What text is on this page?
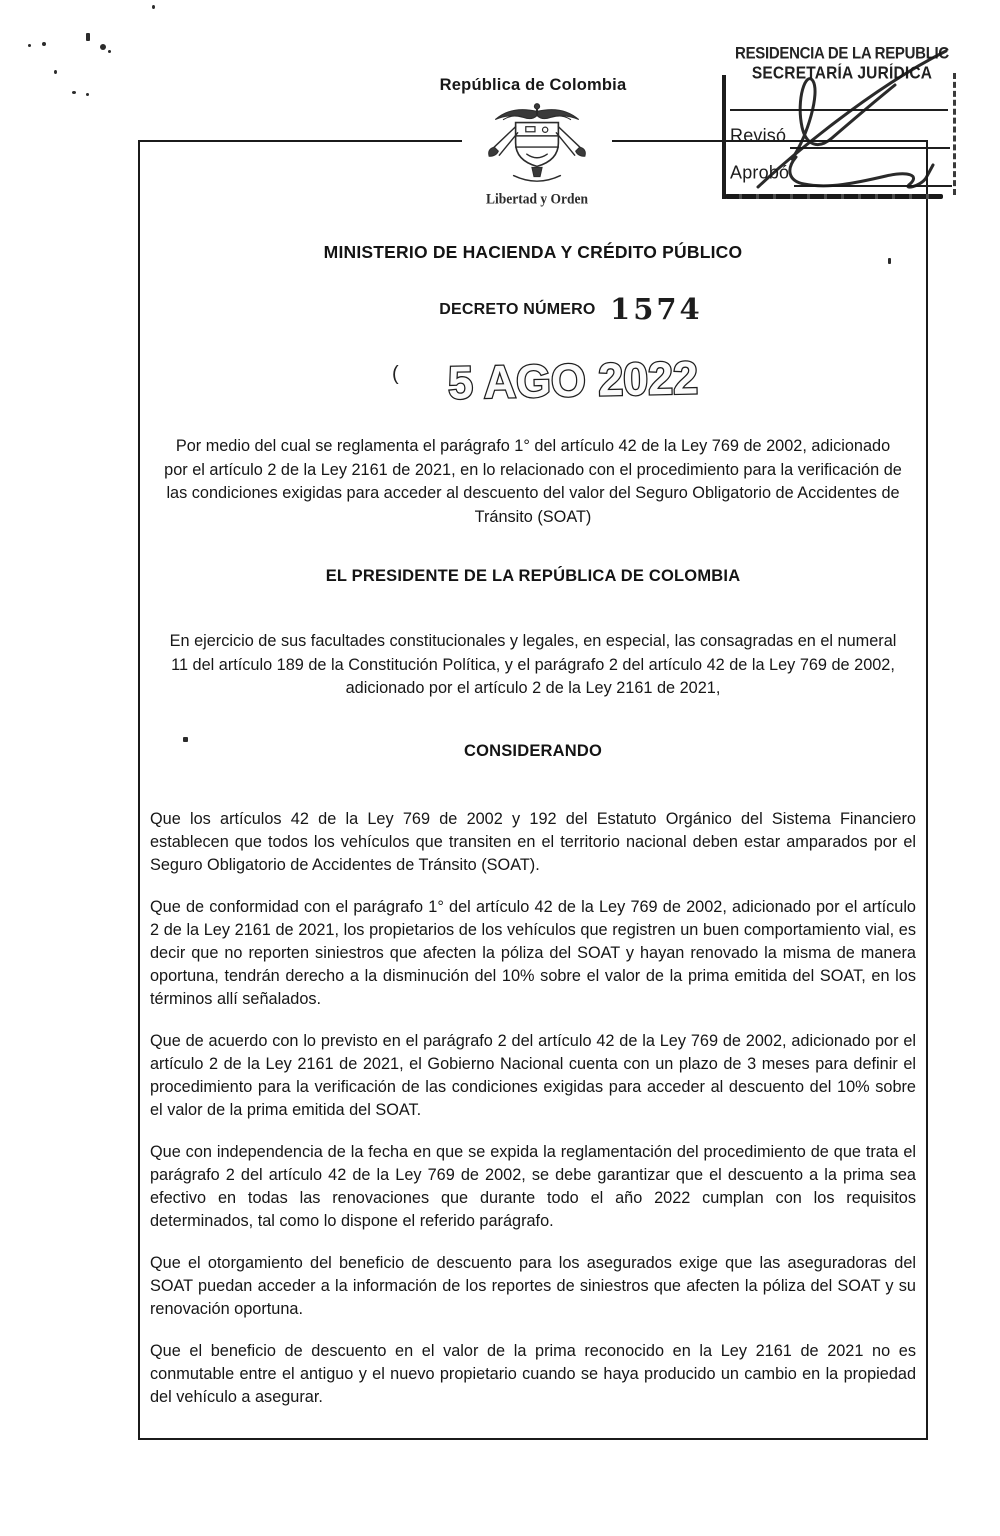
República de Colombia
Libertad y Orden
RESIDENCIA DE LA REPUBLIC
SECRETARÍA JURÍDICA
Revisó
Aprobó
MINISTERIO DE HACIENDA Y CRÉDITO PÚBLICO
DECRETO NÚMERO 1574
( 5 AGO 2022

Por medio del cual se reglamenta el parágrafo 1° del artículo 42 de la Ley 769 de 2002, adicionado por el artículo 2 de la Ley 2161 de 2021, en lo relacionado con el procedimiento para la verificación de las condiciones exigidas para acceder al descuento del valor del Seguro Obligatorio de Accidentes de Tránsito (SOAT)

EL PRESIDENTE DE LA REPÚBLICA DE COLOMBIA

En ejercicio de sus facultades constitucionales y legales, en especial, las consagradas en el numeral 11 del artículo 189 de la Constitución Política, y el parágrafo 2 del artículo 42 de la Ley 769 de 2002, adicionado por el artículo 2 de la Ley 2161 de 2021,

CONSIDERANDO

Que los artículos 42 de la Ley 769 de 2002 y 192 del Estatuto Orgánico del Sistema Financiero establecen que todos los vehículos que transiten en el territorio nacional deben estar amparados por el Seguro Obligatorio de Accidentes de Tránsito (SOAT).

Que de conformidad con el parágrafo 1° del artículo 42 de la Ley 769 de 2002, adicionado por el artículo 2 de la Ley 2161 de 2021, los propietarios de los vehículos que registren un buen comportamiento vial, es decir que no reporten siniestros que afecten la póliza del SOAT y hayan renovado la misma de manera oportuna, tendrán derecho a la disminución del 10% sobre el valor de la prima emitida del SOAT, en los términos allí señalados.

Que de acuerdo con lo previsto en el parágrafo 2 del artículo 42 de la Ley 769 de 2002, adicionado por el artículo 2 de la Ley 2161 de 2021, el Gobierno Nacional cuenta con un plazo de 3 meses para definir el procedimiento para la verificación de las condiciones exigidas para acceder al descuento del 10% sobre el valor de la prima emitida del SOAT.

Que con independencia de la fecha en que se expida la reglamentación del procedimiento de que trata el parágrafo 2 del artículo 42 de la Ley 769 de 2002, se debe garantizar que el descuento a la prima sea efectivo en todas las renovaciones que durante todo el año 2022 cumplan con los requisitos determinados, tal como lo dispone el referido parágrafo.

Que el otorgamiento del beneficio de descuento para los asegurados exige que las aseguradoras del SOAT puedan acceder a la información de los reportes de siniestros que afecten la póliza del SOAT y su renovación oportuna.

Que el beneficio de descuento en el valor de la prima reconocido en la Ley 2161 de 2021 no es conmutable entre el antiguo y el nuevo propietario cuando se haya producido un cambio en la propiedad del vehículo a asegurar.
